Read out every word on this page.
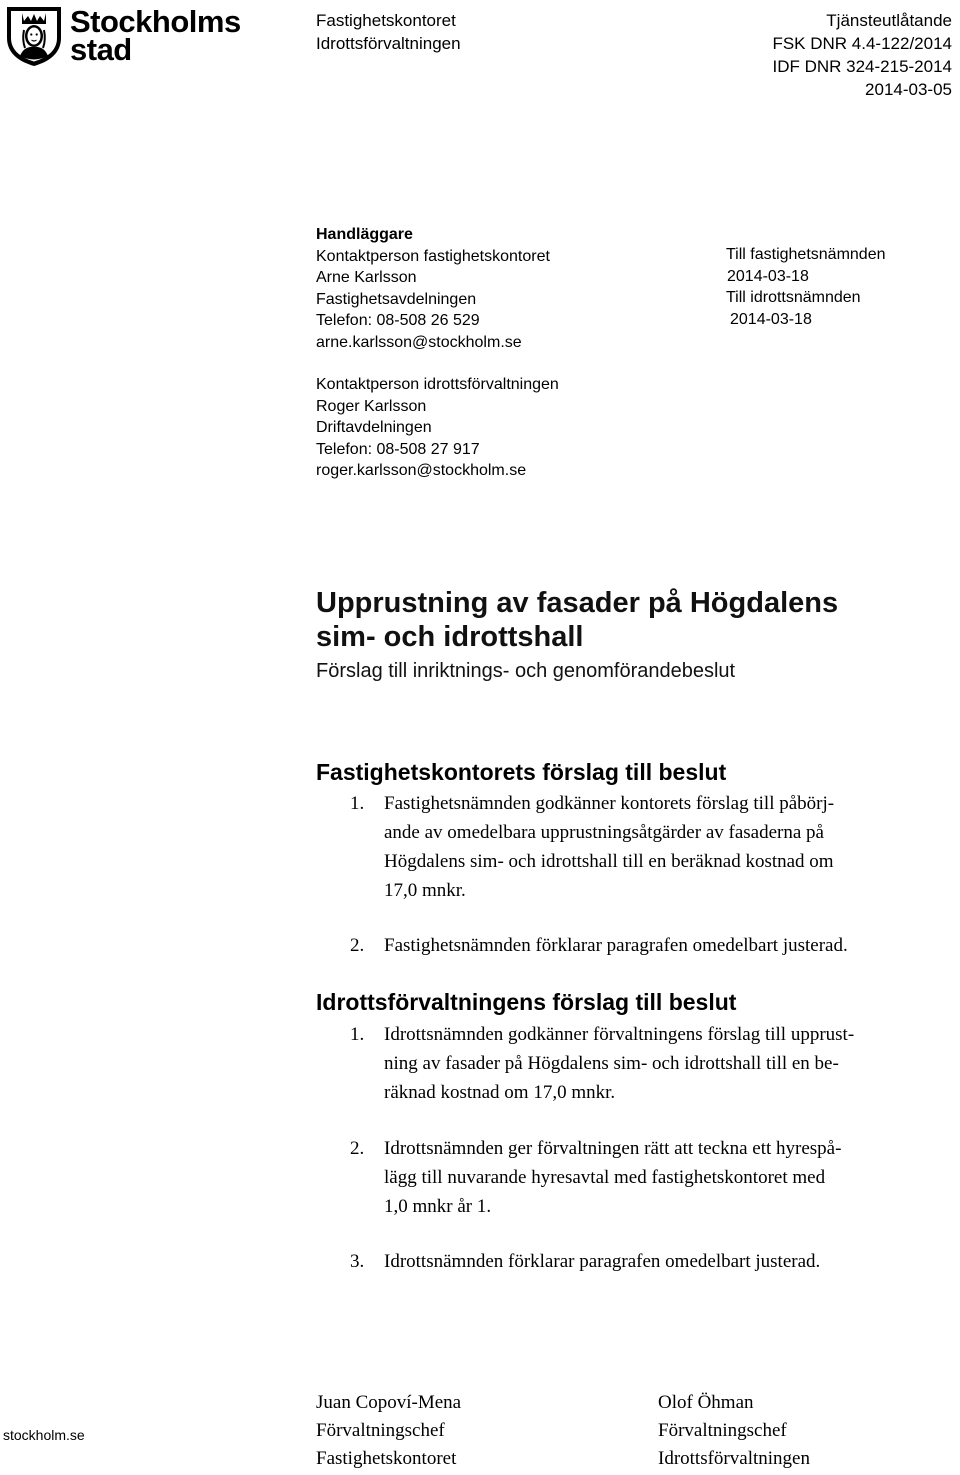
Stockholms
stad
Fastighetskontoret
Idrottsförvaltningen
Tjänsteutlåtande
FSK DNR 4.4-122/2014
IDF DNR 324-215-2014
2014-03-05
Handläggare
Kontaktperson fastighetskontoret
Arne Karlsson
Fastighetsavdelningen
Telefon: 08-508 26 529
arne.karlsson@stockholm.se
Kontaktperson idrottsförvaltningen
Roger Karlsson
Driftavdelningen
Telefon: 08-508 27 917
roger.karlsson@stockholm.se
Till fastighetsnämnden
2014-03-18
Till idrottsnämnden
2014-03-18
Upprustning av fasader på Högdalens
sim- och idrottshall
Förslag till inriktnings- och genomförandebeslut
Fastighetskontorets förslag till beslut
1. Fastighetsnämnden godkänner kontorets förslag till påbörj-
ande av omedelbara upprustningsåtgärder av fasaderna på
Högdalens sim- och idrottshall till en beräknad kostnad om
17,0 mnkr.
2. Fastighetsnämnden förklarar paragrafen omedelbart justerad.
Idrottsförvaltningens förslag till beslut
1. Idrottsnämnden godkänner förvaltningens förslag till upprust-
ning av fasader på Högdalens sim- och idrottshall till en be-
räknad kostnad om 17,0 mnkr.
2. Idrottsnämnden ger förvaltningen rätt att teckna ett hyrespå-
lägg till nuvarande hyresavtal med fastighetskontoret med
1,0 mnkr år 1.
3. Idrottsnämnden förklarar paragrafen omedelbart justerad.
stockholm.se
Juan Copoví-Mena
Förvaltningschef
Fastighetskontoret
Olof Öhman
Förvaltningschef
Idrottsförvaltningen
